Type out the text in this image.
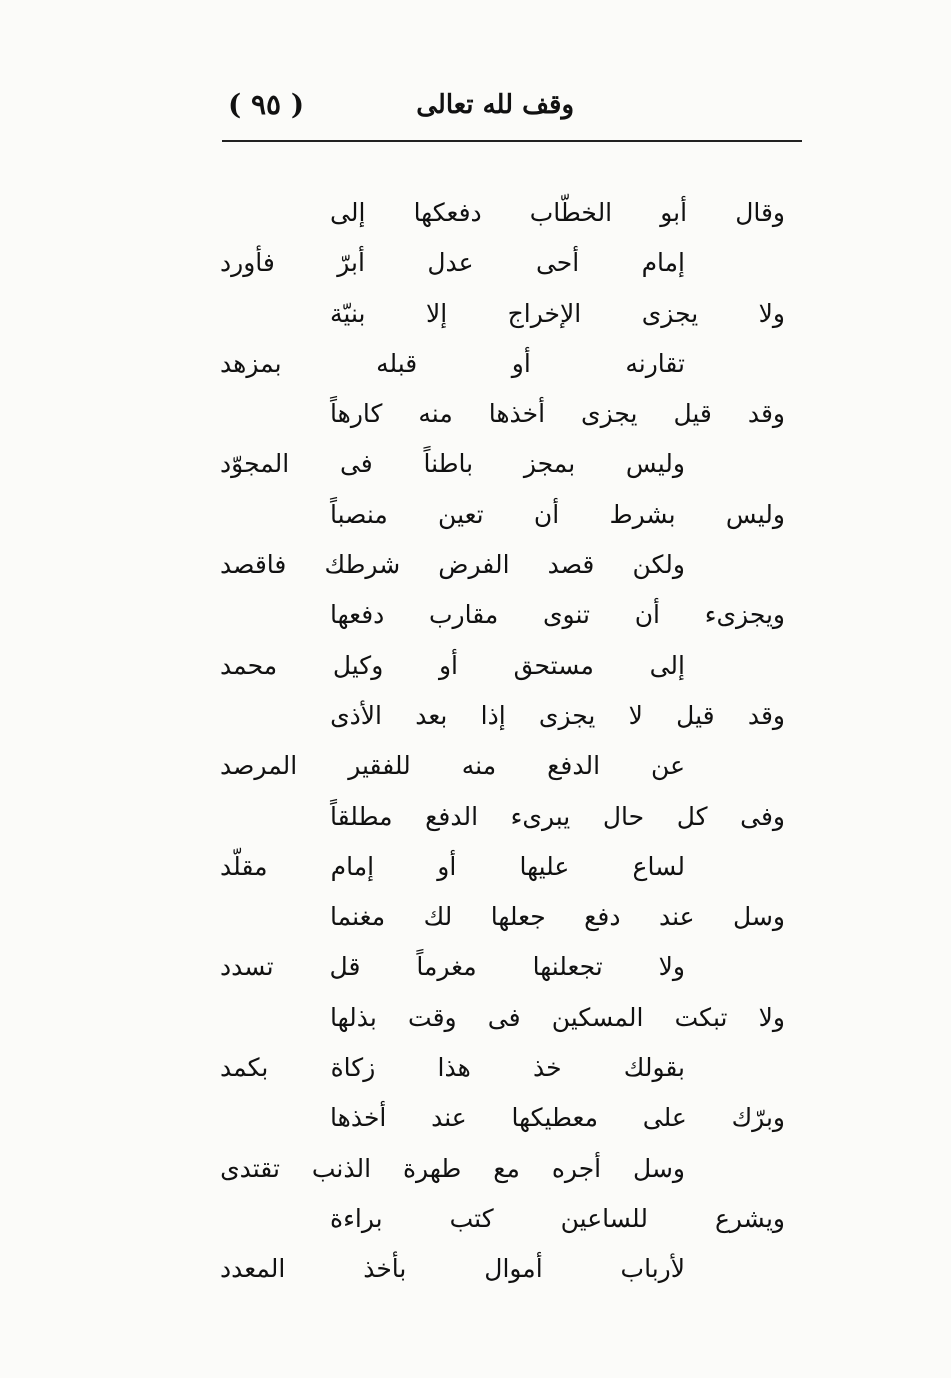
وقف لله تعالى
( ٩٥ )
وقال
أبو
الخطّاب
دفعكها
إلى
إمام
أحى
عدل
أبرّ
فأورد
ولا
يجزى
الإخراج
إلا
بنيّة
تقارنه
أو
قبله
بمزهد
وقد
قيل
يجزى
أخذها
منه
كارهاً
وليس
بمجز
باطناً
فى
المجوّد
وليس
بشرط
أن
تعين
منصباً
ولكن
قصد
الفرض
شرطك
فاقصد
ويجزىء
أن
تنوى
مقارب
دفعها
إلى
مستحق
أو
وكيل
محمد
وقد
قيل
لا
يجزى
إذا
بعد
الأذى
عن
الدفع
منه
للفقير
المرصد
وفى
كل
حال
يبرىء
الدفع
مطلقاً
لساع
عليها
أو
إمام
مقلّد
وسل
عند
دفع
جعلها
لك
مغنما
ولا
تجعلنها
مغرماً
قل
تسدد
ولا
تبكت
المسكين
فى
وقت
بذلها
بقولك
خذ
هذا
زكاة
بكمد
وبرّك
على
معطيكها
عند
أخذها
وسل
أجره
مع
طهرة
الذنب
تقتدى
ويشرع
للساعين
كتب
براءة
لأرباب
أموال
بأخذ
المعدد
